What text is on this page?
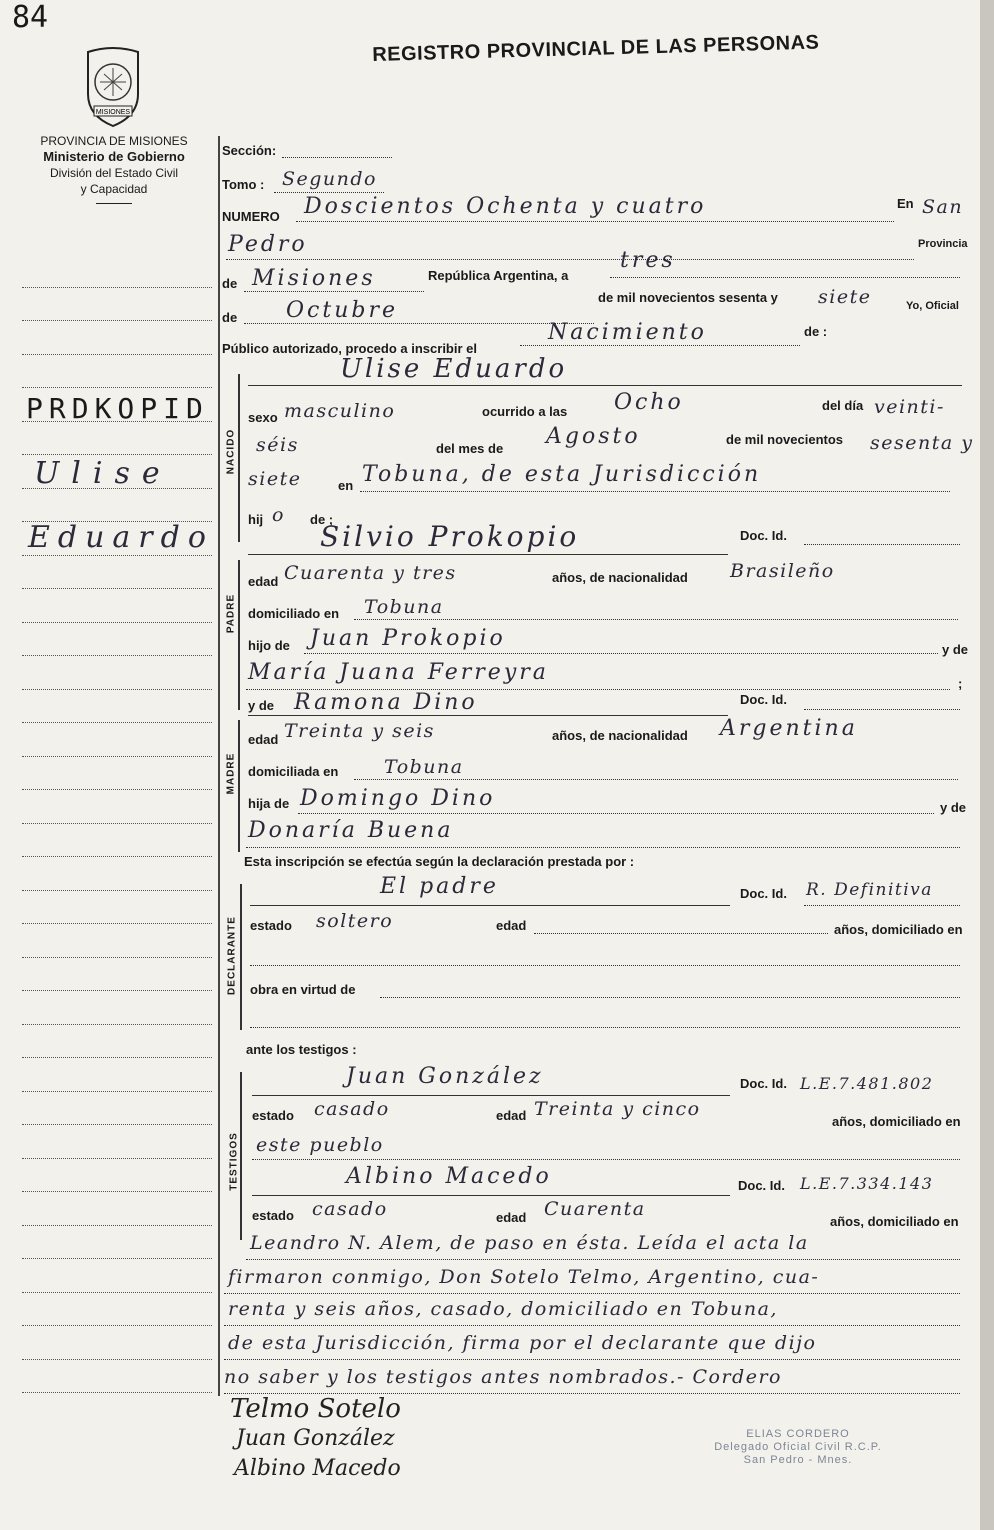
84
MISIONES
REGISTRO PROVINCIAL DE LAS PERSONAS
PROVINCIA DE MISIONES
Ministerio de Gobierno
División del Estado Civil
y Capacidad
PRDKOPID
Ulise
Eduardo
Sección:
Tomo : Segundo
NUMERO Doscientos Ochenta y cuatro	En San
Pedro	Provincia
de Misiones	República Argentina, a
tres
de Octubre
de mil novecientos sesenta y siete	Yo, Oficial
Público autorizado, procedo a inscribir el
Nacimiento	de :
NACIDO
Ulise Eduardo
sexo masculino	ocurrido a las Ocho	del día veinti-
séis	del mes de Agosto	de mil novecientos sesenta y
siete	en Tobuna, de esta Jurisdicción
hij o de ;
PADRE
Silvio Prokopio	Doc. Id.
edad Cuarenta y tres	años, de nacionalidad Brasileño
domiciliado en Tobuna
hijo de Juan Prokopio	y de
María Juana Ferreyra	;
y de Ramona Dino	Doc. Id.
MADRE
edad Treinta y seis	años, de nacionalidad Argentina
domiciliada en Tobuna
hija de Domingo Dino	y de
Donaría Buena
Esta inscripción se efectúa según la declaración prestada por :
DECLARANTE
El padre	Doc. Id. R. Definitiva
estado soltero	edad	años, domiciliado en
obra en virtud de
ante los testigos :
TESTIGOS
Juan González	Doc. Id. L.E.7.481.802
estado casado	edad Treinta y cinco
años, domiciliado en
este pueblo
Albino Macedo	Doc. Id. L.E.7.334.143
estado casado	edad Cuarenta
años, domiciliado en
Leandro N. Alem, de paso en ésta. Leída el acta la
firmaron conmigo, Don Sotelo Telmo, Argentino, cua-
renta y seis años, casado, domiciliado en Tobuna,
de esta Jurisdicción, firma por el declarante que dijo
no saber y los testigos antes nombrados.- Cordero
Telmo Sotelo
Juan González
Albino Macedo
ELIAS CORDERO
Delegado Oficial Civil R.C.P.
San Pedro - Mnes.
